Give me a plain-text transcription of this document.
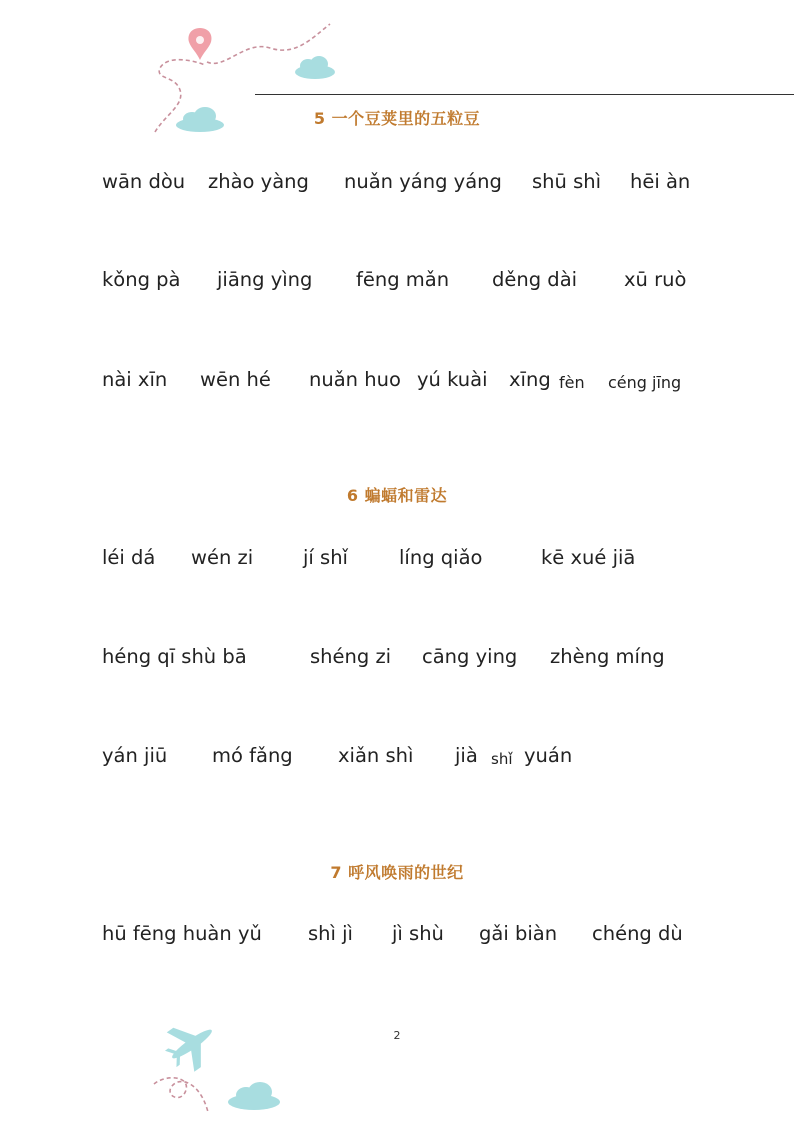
5 一个豆荚里的五粒豆
wān dòu zhào yàng nuǎn yáng yáng shū shì hēi àn
kǒng pà jiāng yìng fēng mǎn děng dài xū ruò
nài xīn wēn hé nuǎn huo yú kuài xīng fèn céng jīng
6 蝙蝠和雷达
léi dá wén zi	jí shǐ	líng qiǎo	kē xué jiā
héng qī shù bā	shéng zi cāng ying zhèng míng
yán jiū mó fǎng xiǎn shì jià shǐ yuán
7 呼风唤雨的世纪
hū fēng huàn yǔ shì jì jì shù gǎi biàn chéng dù
2
